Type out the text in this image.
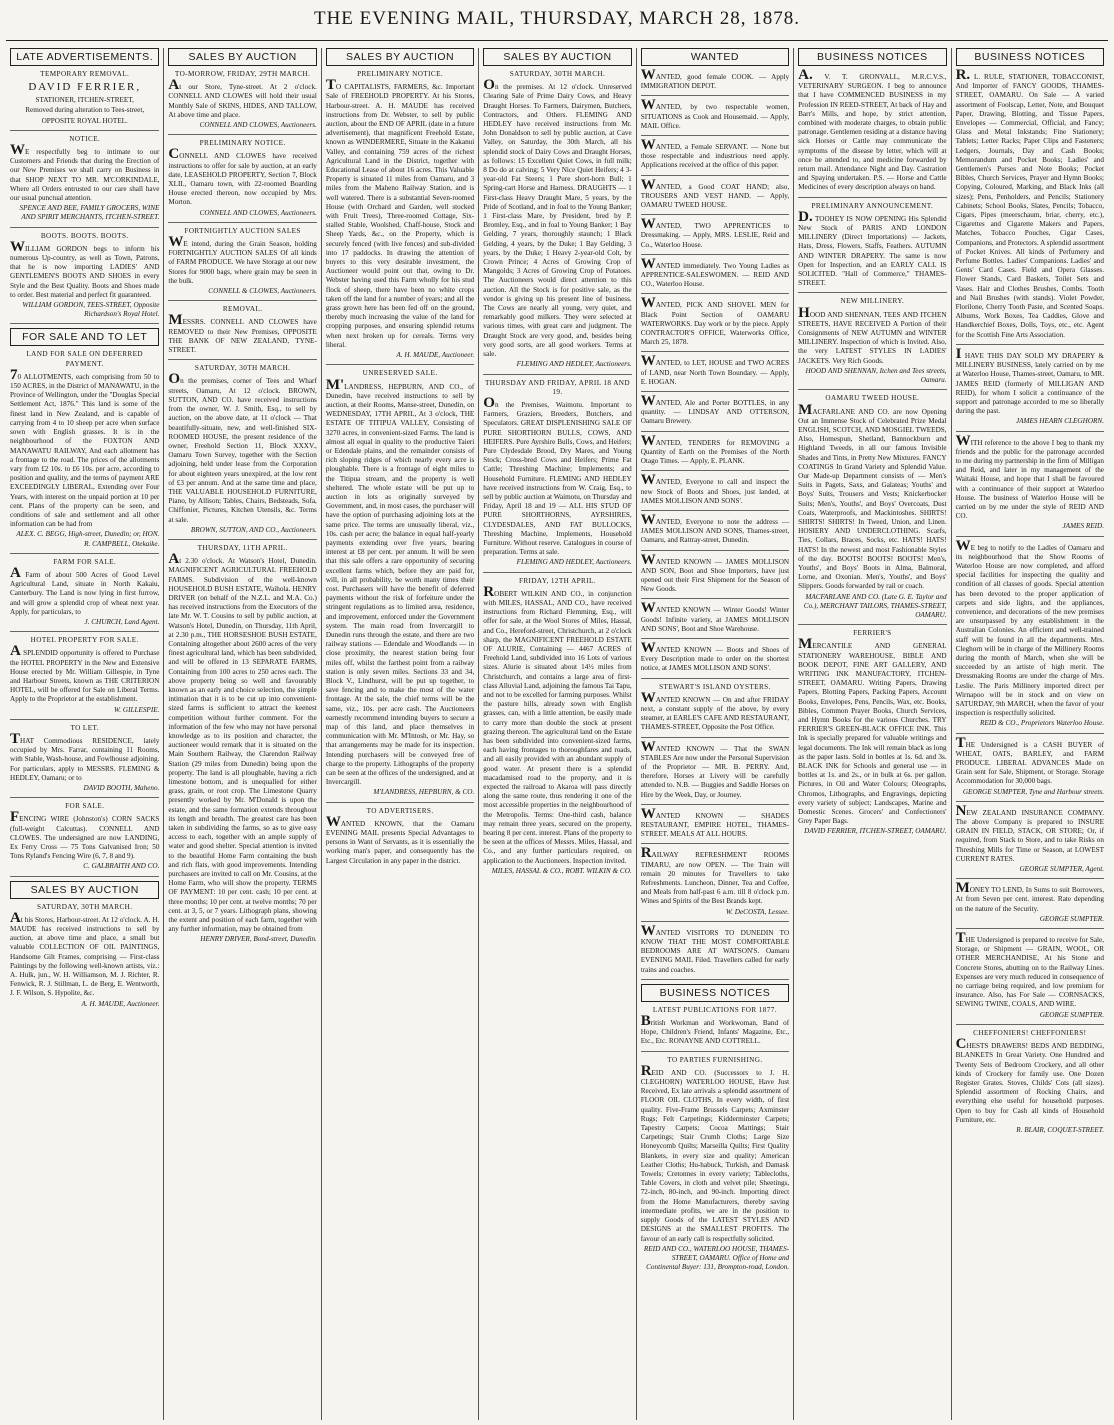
THE EVENING MAIL, THURSDAY, MARCH 28, 1878.
LATE ADVERTISEMENTS.
TEMPORARY REMOVAL.
DAVID FERRIER,
STATIONER, ITCHEN-STREET,
Removed during alteration to Tees-street,
OPPOSITE ROYAL HOTEL.
NOTICE.
WE respectfully beg to intimate to our Customers and Friends that during the Erection of our New Premises we shall carry on Business in that SHOP NEXT TO MR. M'CORKINDALE, Where all Orders entrusted to our care shall have our usual punctual attention.
SPENCE AND BEE, FAMILY GROCERS, WINE AND SPIRIT MERCHANTS, ITCHEN-STREET.
BOOTS. BOOTS. BOOTS.
WILLIAM GORDON begs to inform his numerous Up-country, as well as Town, Patrons, that he is now importing LADIES' AND GENTLEMEN'S BOOTS AND SHOES in every Style and the Best Quality. Boots and Shoes made to order. Best material and perfect fit guaranteed.
WILLIAM GORDON, TEES-STREET, Opposite Richardson's Royal Hotel.
FOR SALE AND TO LET
LAND FOR SALE ON DEFERRED PAYMENT.
70 ALLOTMENTS, each comprising from 50 to 150 ACRES, in the District of MANAWATU, in the Province of Wellington, under the "Douglas Special Settlement Act, 1876." This land is some of the finest land in New Zealand, and is capable of carrying from 4 to 10 sheep per acre when surface sown with English grasses. It is in the neighbourhood of the FOXTON AND MANAWATU RAILWAY, And each allotment has a frontage to the road. The prices of the allotments vary from £2 10s. to £6 10s. per acre, according to position and quality, and the terms of payment ARE EXCEEDINGLY LIBERAL, Extending over Four Years, with interest on the unpaid portion at 10 per cent. Plans of the property can be seen, and conditions of sale and settlement and all other information can be had from
ALEX. C. BEGG, High-street, Dunedin; or, HON. R. CAMPBELL, Otekaike.
FARM FOR SALE.
A Farm of about 500 Acres of Good Level Agricultural Land, situate in North Kakaiu, Canterbury. The Land is now lying in first furrow, and will grow a splendid crop of wheat next year. Apply, for particulars, to
J. CHURCH, Land Agent.
HOTEL PROPERTY FOR SALE.
A SPLENDID opportunity is offered to Purchase the HOTEL PROPERTY in the New and Extensive House erected by Mr. William Gillespie, in Tyne and Harbour Streets, known as THE CRITERION HOTEL, will be offered for Sale on Liberal Terms. Apply to the Proprietor at the establishment.
W. GILLESPIE.
TO LET.
THAT Commodious RESIDENCE, lately occupied by Mrs. Farrar, containing 11 Rooms, with Stable, Wash-house, and Fowlhouse adjoining. For particulars, apply to MESSRS. FLEMING & HEDLEY, Oamaru; or to
DAVID BOOTH, Maheno.
FOR SALE.
FENCING WIRE (Johnston's) CORN SACKS (full-weight Calcuttas). CONNELL AND CLOWES. The undersigned are now LANDING, Ex Ferry Cross — 75 Tons Galvanised Iron; 50 Tons Ryland's Fencing Wire (6, 7, 8 and 9).
C. GALBRAITH AND CO.
SALES BY AUCTION
SATURDAY, 30TH MARCH.
At his Stores, Harbour-street. At 12 o'clock. A. H. MAUDE has received instructions to sell by auction, at above time and place, a small but valuable COLLECTION OF OIL PAINTINGS, Handsome Gilt Frames, comprising — First-class Paintings by the following well-known artists, viz.: A. Hulk, jun., W. H. Williamson, M. J. Richter, R. Fenwick, R. J. Stillman, L. de Berg, E. Wentworth, J. F. Wilson, S. Hypolite, &c.
A. H. MAUDE, Auctioneer.
SALES BY AUCTION
TO-MORROW, FRIDAY, 29TH MARCH.
At our Store, Tyne-street. At 2 o'clock. CONNELL AND CLOWES will hold their usual Monthly Sale of SKINS, HIDES, AND TALLOW, At above time and place.
CONNELL AND CLOWES, Auctioneers.
PRELIMINARY NOTICE.
CONNELL AND CLOWES have received instructions to offer for sale by auction, at an early date, LEASEHOLD PROPERTY, Section 7, Block XLII., Oamaru town, with 22-roomed Boarding House erected thereon, now occupied by Mrs. Morton.
CONNELL AND CLOWES, Auctioneers.
FORTNIGHTLY AUCTION SALES
WE intend, during the Grain Season, holding FORTNIGHTLY AUCTION SALES Of all kinds of FARM PRODUCE. We have Storage at our new Stores for 9000 bags, where grain may be seen in the bulk.
CONNELL & CLOWES, Auctioneers.
REMOVAL.
MESSRS. CONNELL AND CLOWES have REMOVED to their New Premises, OPPOSITE THE BANK OF NEW ZEALAND, TYNE-STREET.
SATURDAY, 30TH MARCH.
On the premises, corner of Tees and Wharf streets, Oamaru, At 12 o'clock. BROWN, SUTTON, AND CO. have received instructions from the owner, W. J. Smith, Esq., to sell by auction, on the above date, at 11 o'clock — That beautifully-situate, new, and well-finished SIX-ROOMED HOUSE, the present residence of the owner, Freehold Section 11, Block XXXV., Oamaru Town Survey, together with the Section adjoining, held under lease from the Corporation for about eighteen years unexpired, at the low rent of £3 per annum. And at the same time and place, THE VALUABLE HOUSEHOLD FURNITURE, Piano, by Allison; Tables, Chairs, Bedsteads, Sofa, Chiffonier, Pictures, Kitchen Utensils, &c. Terms at sale.
BROWN, SUTTON, AND CO., Auctioneers.
THURSDAY, 11TH APRIL.
At 2.30 o'clock. At Watson's Hotel, Dunedin. MAGNIFICENT AGRICULTURAL FREEHOLD FARMS. Subdivision of the well-known HOUSEHOLD BUSH ESTATE, Waihola. HENRY DRIVER (on behalf of the N.Z.L. and M.A. Co.) has received instructions from the Executors of the late Mr. W. T. Cousins to sell by public auction, at Watson's Hotel, Dunedin, on Thursday, 11th April, at 2.30 p.m., THE HORSESHOE BUSH ESTATE, Containing altogether about 2600 acres of the very finest agricultural land, which has been subdivided, and will be offered in 13 SEPARATE FARMS, Containing from 100 acres to 250 acres each. The above property being so well and favourably known as an early and choice selection, the simple intimation that it is to be cut up into convenient-sized farms is sufficient to attract the keenest competition without further comment. For the information of the few who may not have personal knowledge as to its position and character, the auctioneer would remark that it is situated on the Main Southern Railway, the Clarendon Railway Station (29 miles from Dunedin) being upon the property. The land is all ploughable, having a rich limestone bottom, and is unequalled for either grass, grain, or root crop. The Limestone Quarry presently worked by Mr. M'Donald is upon the estate, and the same formation extends throughout its length and breadth. The greatest care has been taken in subdividing the farms, so as to give easy access to each, together with an ample supply of water and good shelter. Special attention is invited to the beautiful Home Farm containing the bush and rich flats, with good improvements. Intending purchasers are invited to call on Mr. Cousins, at the Home Farm, who will show the property. TERMS OF PAYMENT: 10 per cent. cash; 10 per cent. at three months; 10 per cent. at twelve months; 70 per cent. at 3, 5, or 7 years. Lithograph plans, showing the extent and position of each farm, together with any further information, may be obtained from
HENRY DRIVER, Bond-street, Dunedin.
SALES BY AUCTION
PRELIMINARY NOTICE.
TO CAPITALISTS, FARMERS, &c. Important Sale of FREEHOLD PROPERTY. At his Stores, Harbour-street. A. H. MAUDE has received instructions from Dr. Webster, to sell by public auction, about the END OF APRIL (date in a future advertisement), that magnificent Freehold Estate, known as WINDERMERE, Situate in the Kakanui Valley, and containing 759 acres of the richest Agricultural Land in the District, together with Educational Lease of about 16 acres. This Valuable Property is situated 11 miles from Oamaru, and 3 miles from the Maheno Railway Station, and is well watered. There is a substantial Seven-roomed House (with Orchard and Garden, well stocked with Fruit Trees), Three-roomed Cottage, Six-stalled Stable, Woolshed, Chaff-house, Stock and Sheep Yards, &c., on the Property, which is securely fenced (with live fences) and sub-divided into 17 paddocks. In drawing the attention of buyers to this very desirable investment, the Auctioneer would point out that, owing to Dr. Webster having used this Farm wholly for his stud flock of sheep, there have been no white crops taken off the land for a number of years; and all the grass grown here has been fed off on the ground, thereby much increasing the value of the land for cropping purposes, and ensuring splendid returns when next broken up for cereals. Terms very liberal.
A. H. MAUDE, Auctioneer.
UNRESERVED SALE.
M'LANDRESS, HEPBURN, AND CO., of Dunedin, have received instructions to sell by auction, at their Rooms, Manse-street, Dunedin, on WEDNESDAY, 17TH APRIL, At 3 o'clock, THE ESTATE OF TITIPUA VALLEY, Consisting of 3270 acres, in convenient-sized Farms. The land is almost all equal in quality to the productive Taieri or Edendale plains, and the remainder consists of rich sloping ridges of which nearly every acre is ploughable. There is a frontage of eight miles to the Titipua stream, and the property is well sheltered. The whole estate will be put up to auction in lots as originally surveyed by Government, and, in most cases, the purchaser will have the option of purchasing adjoining lots at the same price. The terms are unusually liberal, viz., 10s. cash per acre; the balance in equal half-yearly payments extending over five years, bearing interest at £8 per cent. per annum. It will be seen that this sale offers a rare opportunity of securing excellent farms which, before they are paid for, will, in all probability, be worth many times their cost. Purchasers will have the benefit of deferred payments without the risk of forfeiture under the stringent regulations as to limited area, residence, and improvement, enforced under the Government system. The main road from Invercargill to Dunedin runs through the estate, and there are two railway stations — Edendale and Woodlands — in close proximity, the nearest station being four miles off, whilst the farthest point from a railway station is only seven miles. Sections 33 and 34, Block V., Lindhurst, will be put up together, to save fencing and to make the most of the water frontage. At the sale, the chief terms will be the same, viz., 10s. per acre cash. The Auctioneers earnestly recommend intending buyers to secure a map of this land, and place themselves in communication with Mr. M'Intosh, or Mr. Hay, so that arrangements may be made for its inspection. Intending purchasers will be conveyed free of charge to the property. Lithographs of the property can be seen at the offices of the undersigned, and at Invercargill.
M'LANDRESS, HEPBURN, & CO.
TO ADVERTISERS.
WANTED KNOWN, that the Oamaru EVENING MAIL presents Special Advantages to persons in Want of Servants, as it is essentially the working man's paper, and consequently has the Largest Circulation in any paper in the district.
SALES BY AUCTION
SATURDAY, 30TH MARCH.
On the premises. At 12 o'clock. Unreserved Clearing Sale of Prime Dairy Cows, and Heavy Draught Horses. To Farmers, Dairymen, Butchers, Contractors, and Others. FLEMING AND HEDLEY have received instructions from Mr. John Donaldson to sell by public auction, at Cave Valley, on Saturday, the 30th March, all his splendid stock of Dairy Cows and Draught Horses, as follows: 15 Excellent Quiet Cows, in full milk; 8 Do do at calving; 5 Very Nice Quiet Heifers; 4 3-year-old Fat Steers; 1 Pure short-horn Bull; 1 Spring-cart Horse and Harness. DRAUGHTS — 1 First-class Heavy Draught Mare, 5 years, by the Pride of Scotland, and in foal to the Young Banker; 1 First-class Mare, by President, bred by P. Bromley, Esq., and in foal to Young Banker; 1 Bay Gelding, 7 years, thoroughly staunch; 1 Black Gelding, 4 years, by the Duke; 1 Bay Gelding, 3 years, by the Duke; 1 Heavy 2-year-old Colt, by Crown Prince; 4 Acres of Growing Crop of Mangolds; 3 Acres of Growing Crop of Potatoes. The Auctioneers would direct attention to this auction. All the Stock is for positive sale, as the vendor is giving up his present line of business. The Cows are nearly all young, very quiet, and remarkably good milkers. They were selected at various times, with great care and judgment. The Draught Stock are very good, and, besides being very good sorts, are all good workers. Terms at sale.
FLEMING AND HEDLEY, Auctioneers.
THURSDAY AND FRIDAY, APRIL 18 AND 19.
On the Premises, Waimotu. Important to Farmers, Graziers, Breeders, Butchers, and Speculators. GREAT DISPLENISHING SALE OF PURE SHORTHORN BULLS, COWS, AND HEIFERS. Pure Ayrshire Bulls, Cows, and Heifers; Pure Clydesdale Brood, Dry Mares, and Young Stock; Cross-bred Cows and Heifers; Prime Fat Cattle; Threshing Machine; Implements; and Household Furniture. FLEMING AND HEDLEY have received instructions from W. Craig, Esq., to sell by public auction at Waimotu, on Thursday and Friday, April 18 and 19 — ALL HIS STUD OF PURE SHORTHORNS, AYRSHIRES, CLYDESDALES, AND FAT BULLOCKS, Threshing Machine, Implements, Household Furniture. Without reserve. Catalogues in course of preparation. Terms at sale.
FLEMING AND HEDLEY, Auctioneers.
FRIDAY, 12TH APRIL.
ROBERT WILKIN AND CO., in conjunction with MILES, HASSAL, AND CO., have received instructions from Richard Flemming, Esq., will offer for sale, at the Wool Stores of Miles, Hassal, and Co., Hereford-street, Christchurch, at 2 o'clock sharp, the MAGNIFICENT FREEHOLD ESTATE OF ALURIE, Containing — 4467 ACRES of Freehold Land, subdivided into 16 Lots of various sizes. Alurie is situated about 14½ miles from Christchurch, and contains a large area of first-class Alluvial Land, adjoining the famous Tai Tapu, and not to be excelled for farming purposes. Whilst the pasture hills, already sown with English grasses, can, with a little attention, be easily made to carry more than double the stock at present grazing thereon. The agricultural land on the Estate has been subdivided into convenient-sized farms, each having frontages to thoroughfares and roads, and all easily provided with an abundant supply of good water. At present there is a splendid macadamised road to the property, and it is expected the railroad to Akaroa will pass directly along the same route, thus rendering it one of the most accessible properties in the neighbourhood of the Metropolis. Terms: One-third cash, balance may remain three years, secured on the property, bearing 8 per cent. interest. Plans of the property to be seen at the offices of Messrs. Miles, Hassal, and Co., and any further particulars required, on application to the Auctioneers. Inspection invited.
MILES, HASSAL & CO., ROBT. WILKIN & CO.
WANTED
WANTED, good female COOK. — Apply IMMIGRATION DEPOT.
WANTED, by two respectable women, SITUATIONS as Cook and Housemaid. — Apply, MAIL Office.
WANTED, a Female SERVANT. — None but those respectable and industrious need apply. Applications received at the office of this paper.
WANTED, a Good COAT HAND; also, TROUSERS AND VEST HAND. — Apply, OAMARU TWEED HOUSE.
WANTED, TWO APPRENTICES to Dressmaking. — Apply, MRS. LESLIE, Reid and Co., Waterloo House.
WANTED immediately. Two Young Ladies as APPRENTICE-SALESWOMEN. — REID AND CO., Waterloo House.
WANTED, PICK AND SHOVEL MEN for Black Point Section of OAMARU WATERWORKS. Day work or by the piece. Apply CONTRACTOR'S OFFICE, Waterworks Office, March 25, 1878.
WANTED, to LET, HOUSE and TWO ACRES of LAND, near North Town Boundary. — Apply, E. HOGAN.
WANTED, Ale and Porter BOTTLES, in any quantity. — LINDSAY AND OTTERSON, Oamaru Brewery.
WANTED, TENDERS for REMOVING a Quantity of Earth on the Premises of the North Otago Times. — Apply, E. PLANK.
WANTED, Everyone to call and inspect the new Stock of Boots and Shoes, just landed, at JAMES MOLLISON AND SONS'.
WANTED, Everyone to note the address — JAMES MOLLISON AND SONS, Thames-street, Oamaru, and Rattray-street, Dunedin.
WANTED KNOWN — JAMES MOLLISON AND SON, Boot and Shoe Importers, have just opened out their First Shipment for the Season of New Goods.
WANTED KNOWN — Winter Goods! Winter Goods! Infinite variety, at JAMES MOLLISON AND SONS', Boot and Shoe Warehouse.
WANTED KNOWN — Boots and Shoes of Every Description made to order on the shortest notice, at JAMES MOLLISON AND SONS'.
STEWART'S ISLAND OYSTERS.
WANTED KNOWN — On and after FRIDAY next, a constant supply of the above, by every steamer, at EARLE'S CAFE AND RESTAURANT, THAMES-STREET, Opposite the Post Office.
WANTED KNOWN — That the SWAN STABLES Are now under the Personal Supervision of the Proprietor — MR. B. PERRY. And, therefore, Horses at Livery will be carefully attended to. N.B. — Buggies and Saddle Horses on Hire by the Week, Day, or Journey.
WANTED KNOWN — SHADES RESTAURANT, EMPIRE HOTEL, THAMES-STREET. MEALS AT ALL HOURS.
RAILWAY REFRESHMENT ROOMS TIMARU, are now OPEN. — The Train will remain 20 minutes for Travellers to take Refreshments. Luncheon, Dinner, Tea and Coffee, and Meals from half-past 6 a.m. till 8 o'clock p.m. Wines and Spirits of the Best Brands kept.
W. DeCOSTA, Lessee.
WANTED VISITORS TO DUNEDIN TO KNOW THAT THE MOST COMFORTABLE BEDROOMS ARE AT WATSON'S. Oamaru EVENING MAIL Filed. Travellers called for early trains and coaches.
BUSINESS NOTICES
LATEST PUBLICATIONS FOR 1877.
British Workman and Workwoman, Band of Hope, Children's Friend, Infants' Magazine, Etc., Etc., Etc. RONAYNE AND COTTRELL.
TO PARTIES FURNISHING.
REID AND CO. (Successors to J. H. CLEGHORN) WATERLOO HOUSE, Have Just Received, Ex late arrivals a splendid assortment of FLOOR OIL CLOTHS, In every width, of first quality. Five-Frame Brussels Carpets; Axminster Rugs; Felt Carpetings; Kidderminster Carpets; Tapestry Carpets; Cocoa Mattings; Stair Carpetings; Stair Crumb Cloths; Large Size Honeycomb Quilts; Marseilla Quilts; First Quality Blankets, in every size and quality; American Leather Cloths; Hu-habuck, Turkish, and Damask Towels; Cretonnes in every variety; Tablecloths, Table Covers, in cloth and velvet pile; Sheetings, 72-inch, 80-inch, and 90-inch. Importing direct from the Home Manufacturers, thereby saving intermediate profits, we are in the position to supply Goods of the LATEST STYLES AND DESIGNS at the SMALLEST PROFITS. The favour of an early call is respectfully solicited.
REID AND CO., WATERLOO HOUSE, THAMES-STREET, OAMARU. Office of Home and Continental Buyer: 131, Brompton-road, London.
BUSINESS NOTICES
A. V. T. GRONVALL, M.R.C.V.S., VETERINARY SURGEON. I beg to announce that I have COMMENCED BUSINESS in my Profession IN REED-STREET, At back of Hay and Barr's Mills, and hope, by strict attention, combined with moderate charges, to obtain public patronage. Gentlemen residing at a distance having sick Horses or Cattle may communicate the symptoms of the disease by letter, which will at once be attended to, and medicine forwarded by return mail. Attendance Night and Day. Castration and Spaying undertaken. P.S. — Horse and Cattle Medicines of every description always on hand.
PRELIMINARY ANNOUNCEMENT.
D. TOOHEY IS NOW OPENING His Splendid New Stock of PARIS AND LONDON MILLINERY (Direct Importations) — Jackets, Hats, Dress, Flowers, Staffs, Feathers. AUTUMN AND WINTER DRAPERY. The same is now Open for Inspection, and an EARLY CALL IS SOLICITED. "Hall of Commerce," THAMES-STREET.
NEW MILLINERY.
HOOD AND SHENNAN, TEES AND ITCHEN STREETS, HAVE RECEIVED A Portion of their Consignments of NEW AUTUMN and WINTER MILLINERY. Inspection of which is Invited. Also, the very LATEST STYLES IN LADIES' JACKETS. Very Rich Goods.
HOOD AND SHENNAN, Itchen and Tees streets, Oamaru.
OAMARU TWEED HOUSE.
MACFARLANE AND CO. are now Opening Out an Immense Stock of Celebrated Prize Medal ENGLISH, SCOTCH, AND MOSGIEL TWEEDS, Also, Homespun, Shetland, Bannockburn and Highland Tweeds, in all our famous Invisible Shades and Tints, in Pretty New Mixtures. FANCY COATINGS In Grand Variety and Splendid Value. Our Made-up Department consists of — Men's Suits in Pagets, Saxs, and Galateas; Youths' and Boys' Suits, Trousers and Vests; Knickerbocker Suits; Men's, Youths', and Boys' Overcoats, Dust Coats, Waterproofs, and Mackintoshes. SHIRTS! SHIRTS! SHIRTS! In Tweed, Union, and Linen. HOSIERY AND UNDERCLOTHING. Scarfs, Ties, Collars, Braces, Socks, etc. HATS! HATS! HATS! In the newest and most Fashionable Styles of the day. BOOTS! BOOTS! BOOTS! Men's, Youths', and Boys' Boots in Alma, Balmoral, Lorne, and Oxonian. Men's, Youths', and Boys' Slippers. Goods forwarded by rail or coach.
MACFARLANE AND CO. (Late G. E. Taylor and Co.), MERCHANT TAILORS, THAMES-STREET, OAMARU.
FERRIER'S
MERCANTILE AND GENERAL STATIONERY WAREHOUSE, BIBLE AND BOOK DEPOT, FINE ART GALLERY, AND WRITING INK MANUFACTORY, ITCHEN-STREET, OAMARU. Writing Papers, Drawing Papers, Blotting Papers, Packing Papers, Account Books, Envelopes, Pens, Pencils, Wax, etc. Books, Bibles, Common Prayer Books, Church Services, and Hymn Books for the various Churches. TRY FERRIER'S GREEN-BLACK OFFICE INK. This Ink is specially prepared for valuable writings and legal documents. The Ink will remain black as long as the paper lasts. Sold in bottles at 1s. 6d. and 3s. BLACK INK for Schools and general use — in bottles at 1s. and 2s., or in bulk at 6s. per gallon. Pictures, in Oil and Water Colours; Oleographs, Chromos, Lithographs, and Engravings, depicting every variety of subject; Landscapes, Marine and Domestic Scenes. Grocers' and Confectioners' Grey Paper Bags.
DAVID FERRIER, ITCHEN-STREET, OAMARU.
BUSINESS NOTICES
R. L. RULE, STATIONER, TOBACCONIST, And Importer of FANCY GOODS, THAMES-STREET, OAMARU. On Sale — A varied assortment of Foolscap, Letter, Note, and Bouquet Paper, Drawing, Blotting, and Tissue Papers, Envelopes — Commercial, Official, and Fancy; Glass and Metal Inkstands; Fine Stationery; Tablets; Letter Racks; Paper Clips and Fasteners; Ledgers, Journals, Day and Cash Books; Memorandum and Pocket Books; Ladies' and Gentlemen's Purses and Note Books; Pocket Bibles, Church Services, Prayer and Hymn Books; Copying, Coloured, Marking, and Black Inks (all sizes); Pens, Penholders, and Pencils; Stationery Cabinets; School Books, Slates, Pencils; Tobacco, Cigars, Pipes (meerschaum, briar, cherry, etc.), Cigarettes and Cigarette Makers and Papers, Matches, Tobacco Pouches, Cigar Cases, Companions, and Protectors. A splendid assortment of Pocket Knives. All kinds of Perfumery and Perfume Bottles. Ladies' Companions. Ladies' and Gents' Card Cases. Field and Opera Glasses. Flower Stands, Card Baskets, Toilet Sets and Vases. Hair and Clothes Brushes, Combs. Tooth and Nail Brushes (with stands). Violet Powder, Florilone, Cherry Tooth Paste, and Scented Soaps. Albums, Work Boxes, Tea Caddies, Glove and Handkerchief Boxes, Dolls, Toys, etc., etc. Agent for the Scottish Fine Arts Association.
I HAVE THIS DAY SOLD MY DRAPERY & MILLINERY BUSINESS, lately carried on by me at Waterloo House, Thames-street, Oamaru, to MR. JAMES REID (formerly of MILLIGAN AND REID), for whom I solicit a continuance of the support and patronage accorded to me so liberally during the past.
JAMES HEARN CLEGHORN.
WITH reference to the above I beg to thank my friends and the public for the patronage accorded to me during my partnership in the firm of Milligan and Reid, and later in my management of the Waitaki House, and hope that I shall be favoured with a continuance of their support at Waterloo House. The business of Waterloo House will be carried on by me under the style of REID AND CO.
JAMES REID.
WE beg to notify to the Ladies of Oamaru and its neighbourhood that the Show Rooms of Waterloo House are now completed, and afford special facilities for inspecting the quality and condition of all classes of goods. Special attention has been devoted to the proper application of carpets and side lights, and the appliances, convenience, and decorations of the new premises are unsurpassed by any establishment in the Australian Colonies. An efficient and well-trained staff will be found in all the departments. Mrs. Cleghorn will be in charge of the Millinery Rooms during the month of March, when she will be succeeded by an artiste of high merit. The Dressmaking Rooms are under the charge of Mrs. Leslie. The Paris Millinery imported direct per Wirnapoo will be in stock and on view on SATURDAY, 9th MARCH, when the favor of your inspection is respectfully solicited.
REID & CO., Proprietors Waterloo House.
THE Undersigned is a CASH BUYER of WHEAT, OATS, BARLEY, and FARM PRODUCE. LIBERAL ADVANCES Made on Grain sent for Sale, Shipment, or Storage. Storage Accommodation for 30,000 bags.
GEORGE SUMPTER, Tyne and Harbour streets.
NEW ZEALAND INSURANCE COMPANY. The above Company is prepared to INSURE GRAIN IN FIELD, STACK, OR STORE; Or, if required, from Stack to Store, and to take Risks on Threshing Mills for Time or Season, at LOWEST CURRENT RATES.
GEORGE SUMPTER, Agent.
MONEY TO LEND, In Sums to suit Borrowers, At from Seven per cent. interest. Rate depending on the nature of the Security.
GEORGE SUMPTER.
THE Undersigned is prepared to receive for Sale, Storage, or Shipment — GRAIN, WOOL, OR OTHER MERCHANDISE, At his Stone and Concrete Stores, abutting on to the Railway Lines. Expenses are very much reduced in consequence of no carriage being required, and low premium for insurance. Also, has For Sale — CORNSACKS, SEWING TWINE, COALS, AND WIRE.
GEORGE SUMPTER.
CHEFFONIERS! CHEFFONIERS!
CHESTS DRAWERS! BEDS AND BEDDING, BLANKETS In Great Variety. One Hundred and Twenty Sets of Bedroom Crockery, and all other kinds of Crockery for family use. One Dozen Register Grates. Stoves, Childs' Cots (all sizes). Splendid assortment of Rocking Chairs, and everything else useful for household purposes. Open to buy for Cash all kinds of Household Furniture, etc.
R. BLAIR, COQUET-STREET.
